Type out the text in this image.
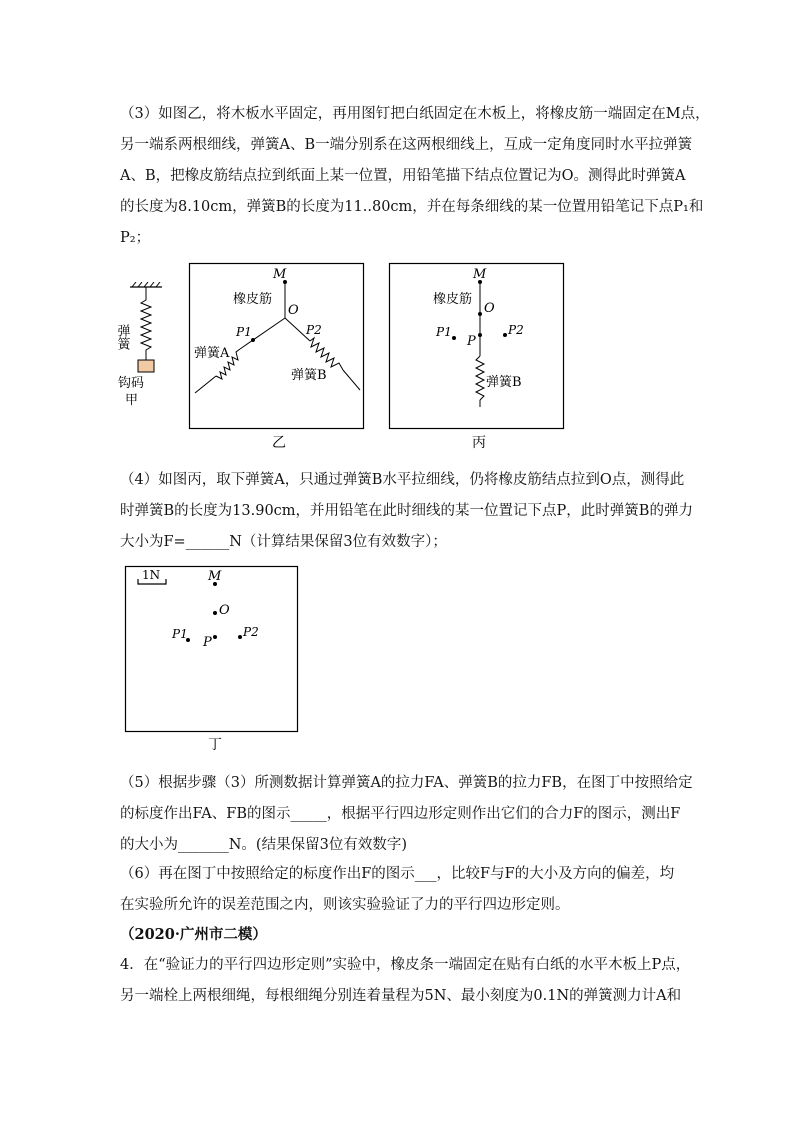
（3）如图乙，将木板水平固定，再用图钉把白纸固定在木板上，将橡皮筋一端固定在M点，
另一端系两根细线，弹簧A、B一端分别系在这两根细线上，互成一定角度同时水平拉弹簧
A、B，把橡皮筋结点拉到纸面上某一位置，用铅笔描下结点位置记为O。测得此时弹簧A
的长度为8.10cm，弹簧B的长度为11..80cm，并在每条细线的某一位置用铅笔记下点P₁和
P₂；
弹簧
钩码
甲
M
O
橡皮筋
P1	P2
弹簧A
弹簧B
乙
M
O
橡皮筋
P1	P2
P
弹簧B
丙
（4）如图丙，取下弹簧A，只通过弹簧B水平拉细线，仍将橡皮筋结点拉到O点，测得此
时弹簧B的长度为13.90cm，并用铅笔在此时细线的某一位置记下点P，此时弹簧B的弹力
大小为F=______N（计算结果保留3位有效数字）；
1N	M
O
P1
P
P2
丁
（5）根据步骤（3）所测数据计算弹簧A的拉力FA、弹簧B的拉力FB，在图丁中按照给定
的标度作出FA、FB的图示_____，根据平行四边形定则作出它们的合力F的图示，测出F
的大小为_______N。(结果保留3位有效数字)
（6）再在图丁中按照给定的标度作出F的图示___，比较F与F的大小及方向的偏差，均
在实验所允许的误差范围之内，则该实验验证了力的平行四边形定则。
（2020·广州市二模）
4．在“验证力的平行四边形定则”实验中，橡皮条一端固定在贴有白纸的水平木板上P点，
另一端栓上两根细绳，每根细绳分别连着量程为5N、最小刻度为0.1N的弹簧测力计A和
